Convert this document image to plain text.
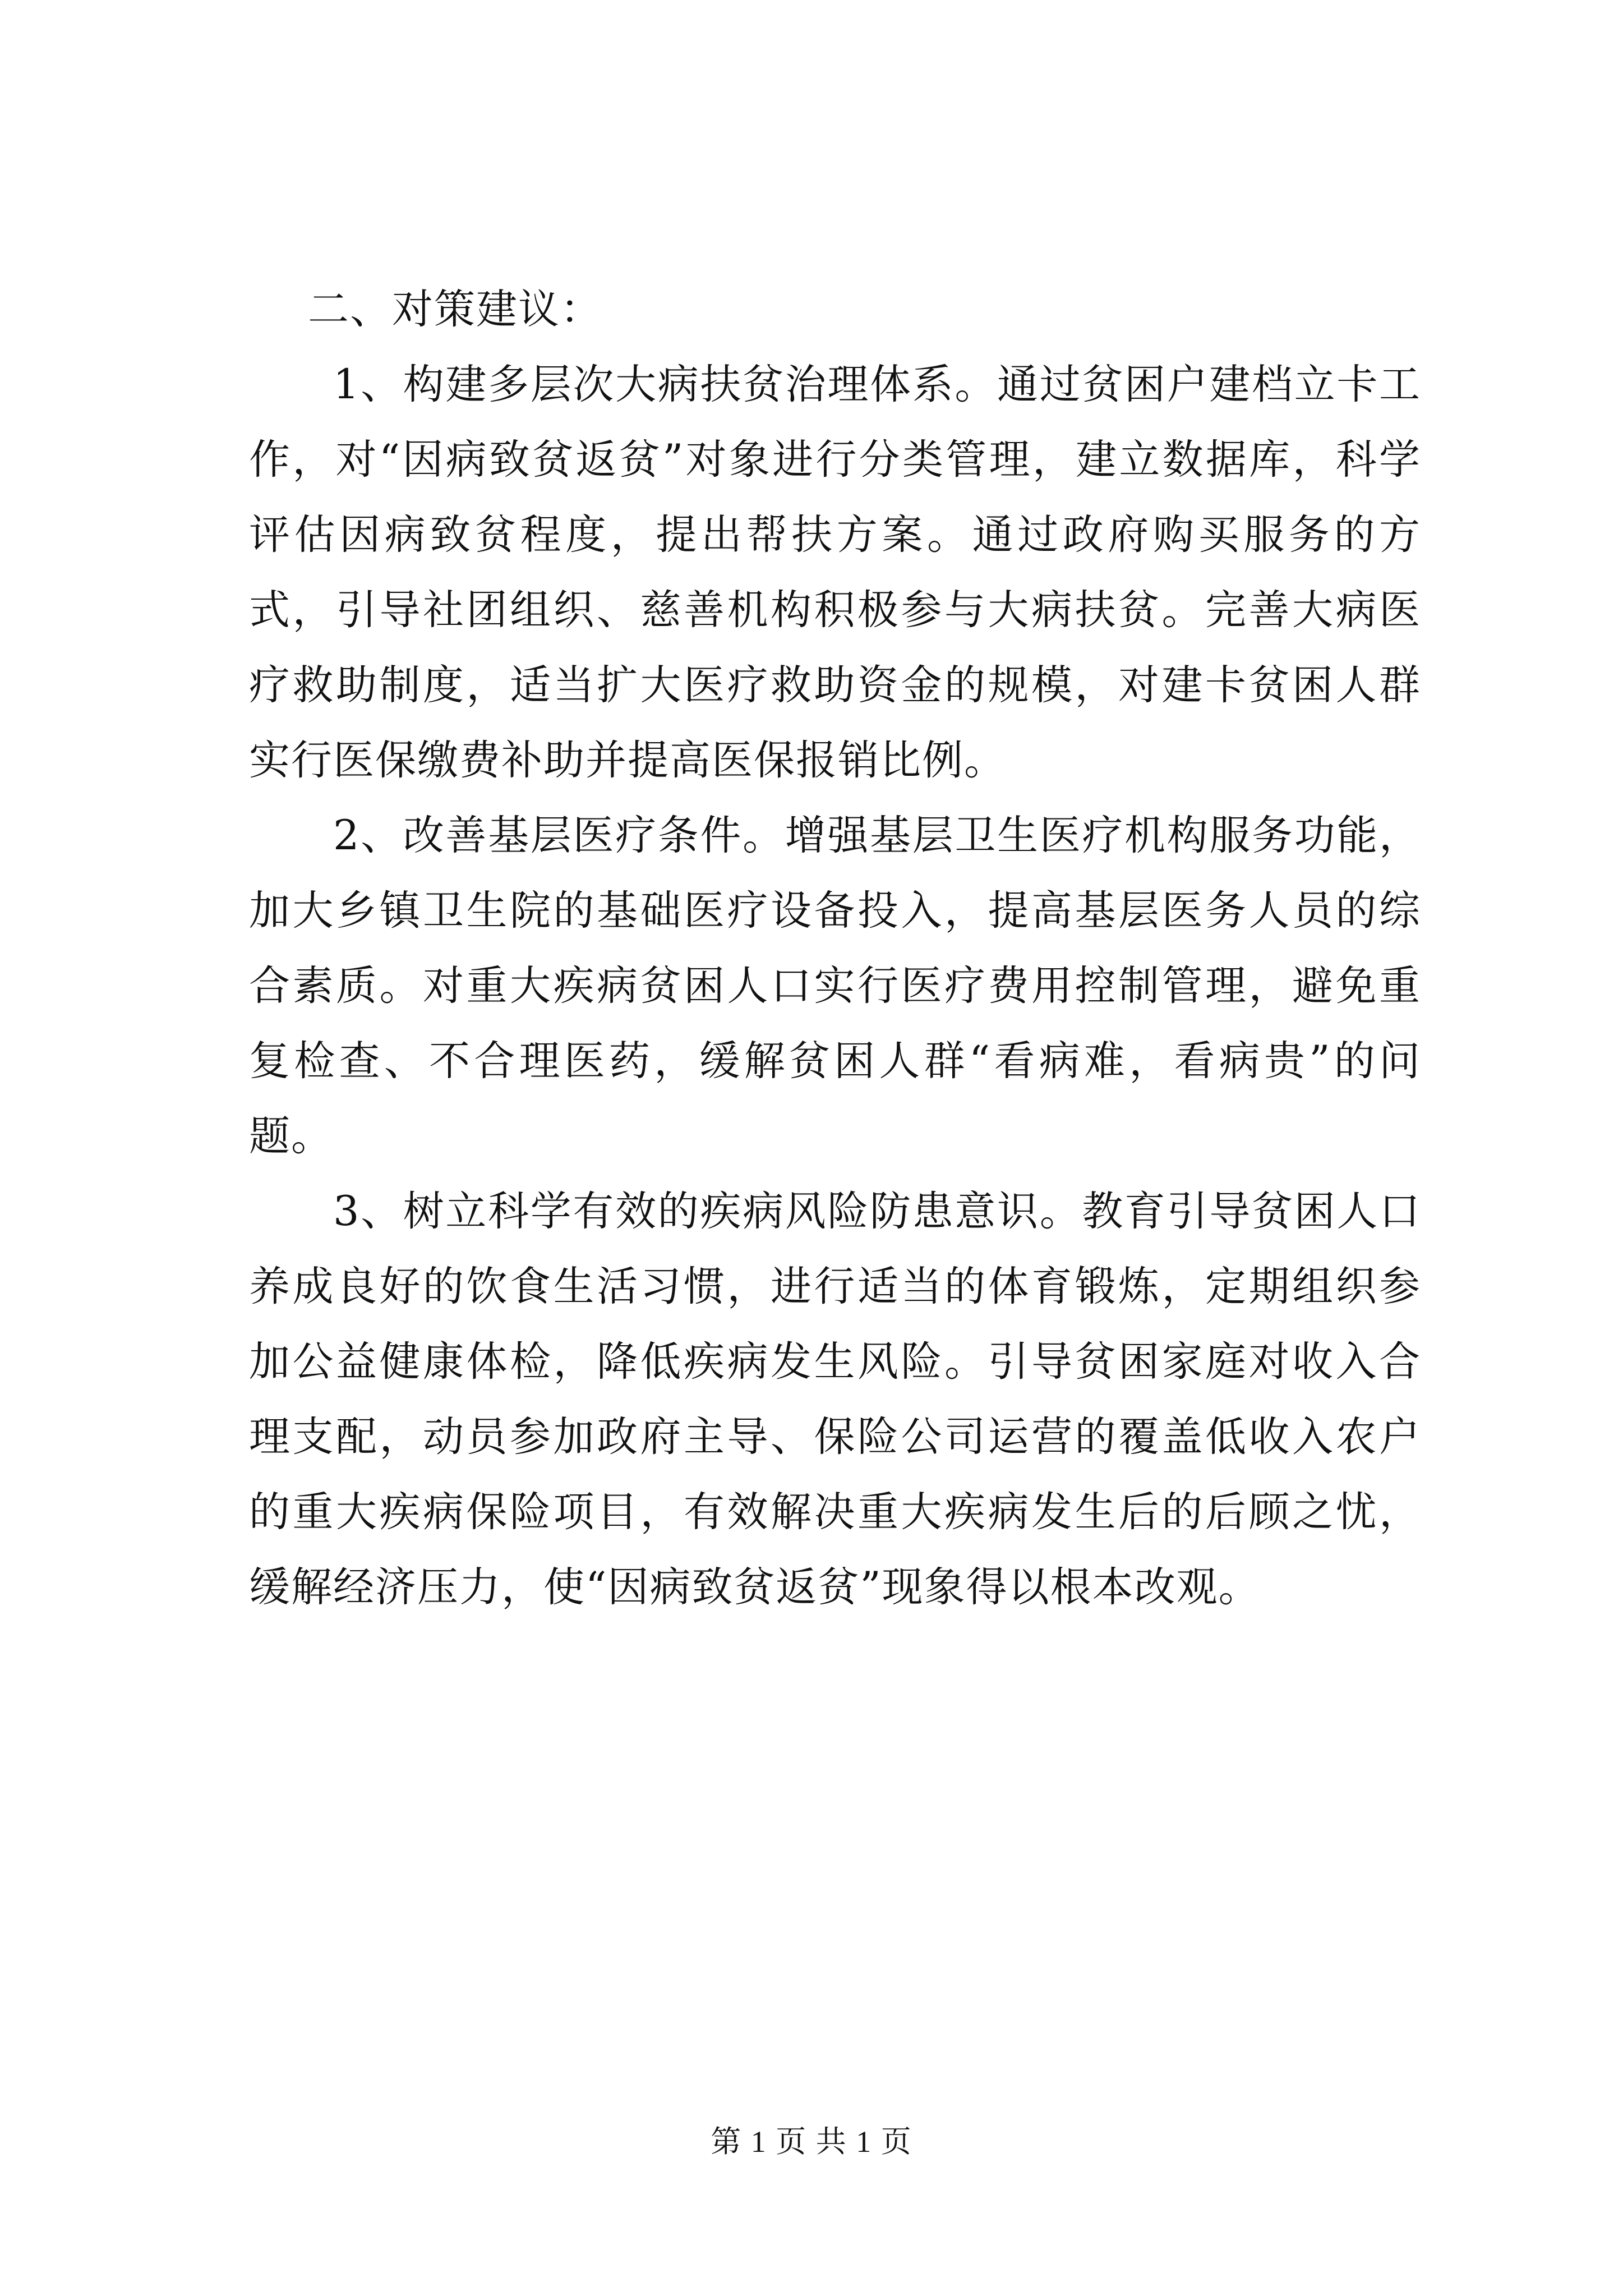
二、对策建议：

1、构建多层次大病扶贫治理体系。通过贫困户建档立卡工作，对“因病致贫返贫”对象进行分类管理，建立数据库，科学评估因病致贫程度，提出帮扶方案。通过政府购买服务的方式，引导社团组织、慈善机构积极参与大病扶贫。完善大病医疗救助制度，适当扩大医疗救助资金的规模，对建卡贫困人群实行医保缴费补助并提高医保报销比例。

2、改善基层医疗条件。增强基层卫生医疗机构服务功能，加大乡镇卫生院的基础医疗设备投入，提高基层医务人员的综合素质。对重大疾病贫困人口实行医疗费用控制管理，避免重复检查、不合理医药，缓解贫困人群“看病难，看病贵”的问题。

3、树立科学有效的疾病风险防患意识。教育引导贫困人口养成良好的饮食生活习惯，进行适当的体育锻炼，定期组织参加公益健康体检，降低疾病发生风险。引导贫困家庭对收入合理支配，动员参加政府主导、保险公司运营的覆盖低收入农户的重大疾病保险项目，有效解决重大疾病发生后的后顾之忧，缓解经济压力，使“因病致贫返贫”现象得以根本改观。

第 1 页 共 1 页
